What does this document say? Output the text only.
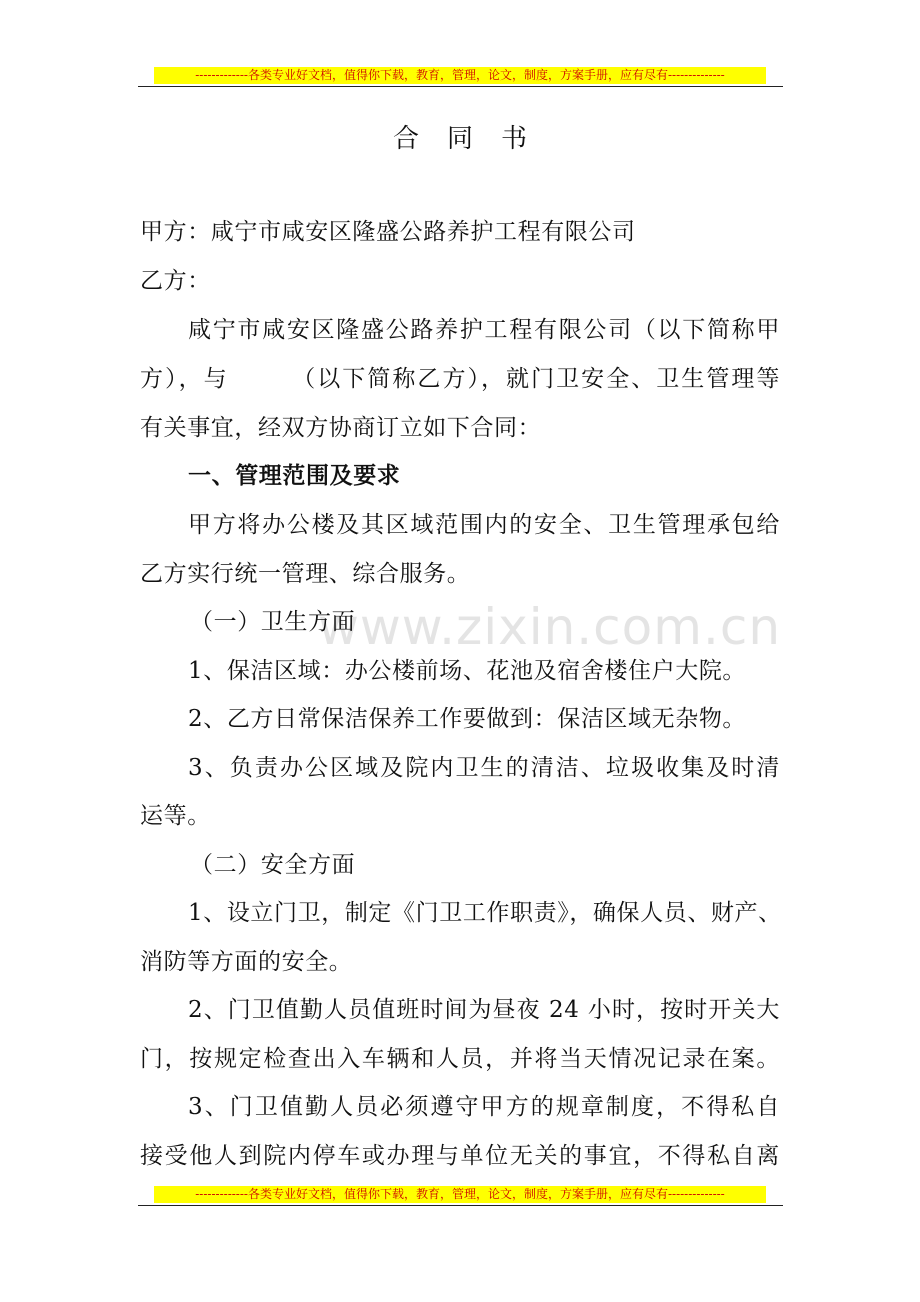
-------------各类专业好文档，值得你下载，教育，管理，论文，制度，方案手册，应有尽有--------------
www.zixin.com.cn
合 同 书
甲方：咸宁市咸安区隆盛公路养护工程有限公司
乙方：
咸宁市咸安区隆盛公路养护工程有限公司（以下简称甲
方），与　　　（以下简称乙方），就门卫安全、卫生管理等
有关事宜，经双方协商订立如下合同：
一、管理范围及要求
甲方将办公楼及其区域范围内的安全、卫生管理承包给
乙方实行统一管理、综合服务。
（一）卫生方面
1、保洁区域：办公楼前场、花池及宿舍楼住户大院。
2、乙方日常保洁保养工作要做到：保洁区域无杂物。
3、负责办公区域及院内卫生的清洁、垃圾收集及时清
运等。
（二）安全方面
1、设立门卫，制定《门卫工作职责》，确保人员、财产、
消防等方面的安全。
2、门卫值勤人员值班时间为昼夜 24 小时，按时开关大
门，按规定检查出入车辆和人员，并将当天情况记录在案。
3、门卫值勤人员必须遵守甲方的规章制度，不得私自
接受他人到院内停车或办理与单位无关的事宜，不得私自离
-------------各类专业好文档，值得你下载，教育，管理，论文，制度，方案手册，应有尽有--------------
